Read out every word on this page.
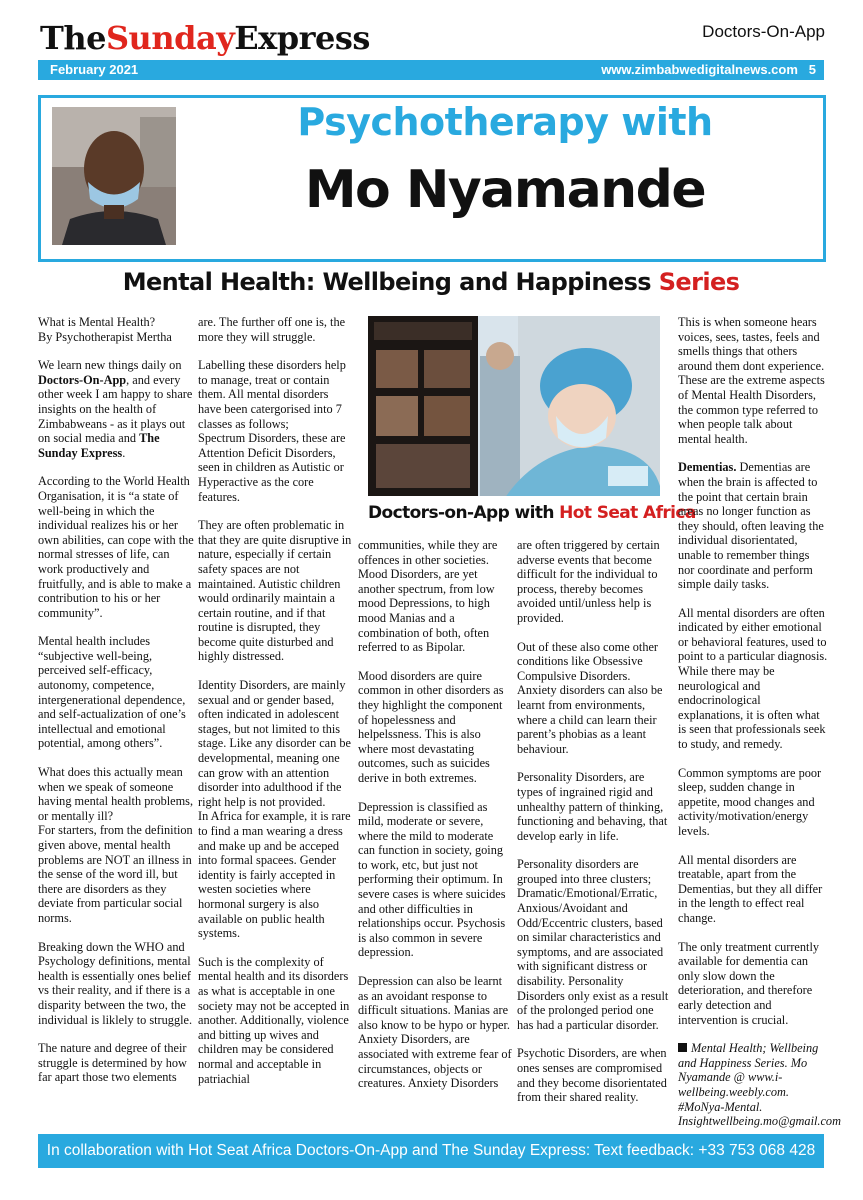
TheSundayExpress	Doctors-On-App
February 2021	www.zimbabwedigitalnews.com 5
Psychotherapy with
Mo Nyamande
Mental Health: Wellbeing and Happiness Series

What is Mental Health?
By Psychotherapist Mertha

We learn new things daily on Doctors-On-App, and every other week I am happy to share insights on the health of Zimbabweans - as it plays out on social media and The Sunday Express.

According to the World Health Organisation, it is “a state of well-being in which the individual realizes his or her own abilities, can cope with the normal stresses of life, can work productively and fruitfully, and is able to make a contribution to his or her community”.

Mental health includes “subjective well-being, perceived self-efficacy, autonomy, competence, intergenerational dependence, and self-actualization of one’s intellectual and emotional potential, among others”.

What does this actually mean when we speak of someone having mental health problems, or mentally ill?
For starters, from the definition given above, mental health problems are NOT an illness in the sense of the word ill, but there are disorders as they deviate from particular social norms.

Breaking down the WHO and Psychology definitions, mental health is essentially ones belief vs their reality, and if there is a disparity between the two, the individual is liklely to struggle.

The nature and degree of their struggle is determined by how far apart those two elements

are. The further off one is, the more they will struggle.

Labelling these disorders help to manage, treat or contain them. All mental disorders have been catergorised into 7 classes as follows;
Spectrum Disorders, these are Attention Deficit Disorders, seen in children as Autistic or Hyperactive as the core features.

They are often problematic in that they are quite disruptive in nature, especially if certain safety spaces are not maintained. Autistic children would ordinarily maintain a certain routine, and if that routine is disrupted, they become quite disturbed and highly distressed.

Identity Disorders, are mainly sexual and or gender based, often indicated in adolescent stages, but not limited to this stage. Like any disorder can be developmental, meaning one can grow with an attention disorder into adulthood if the right help is not provided.

In Africa for example, it is rare to find a man wearing a dress and make up and be acceped into formal spacees. Gender identity is fairly accepted in westen societies where hormonal surgery is also available on public health systems.

Such is the complexity of mental health and its disorders as what is acceptable in one society may not be accepted in another. Additionally, violence and bitting up wives and children may be considered normal and acceptable in patriachial

Doctors-on-App with Hot Seat Africa

communities, while they are offences in other societies. Mood Disorders, are yet another spectrum, from low mood Depressions, to high mood Manias and a combination of both, often referred to as Bipolar.

Mood disorders are quire common in other disorders as they highlight the component of hopelessness and helpelssness. This is also where most devastating outcomes, such as suicides derive in both extremes.

Depression is classified as mild, moderate or severe, where the mild to moderate can function in society, going to work, etc, but just not performing their optimum. In severe cases is where suicides and other difficulties in relationships occur. Psychosis is also common in severe depression.

Depression can also be learnt as an avoidant response to difficult situations. Manias are also know to be hypo or hyper.
Anxiety Disorders, are associated with extreme fear of circumstances, objects or creatures. Anxiety Disorders

are often triggered by certain adverse events that become difficult for the individual to process, thereby becomes avoided until/unless help is provided.

Out of these also come other conditions like Obsessive Compulsive Disorders. Anxiety disorders can also be learnt from environments, where a child can learn their parent’s phobias as a leant behaviour.

Personality Disorders, are types of ingrained rigid and unhealthy pattern of thinking, functioning and behaving, that develop early in life.

Personality disorders are grouped into three clusters; Dramatic/Emotional/Erratic, Anxious/Avoidant and Odd/Eccentric clusters, based on similar characteristics and symptoms, and are associated with significant distress or disability. Personality Disorders only exist as a result of the prolonged period one has had a particular disorder.

Psychotic Disorders, are when ones senses are compromised and they become disorientated from their shared reality.

This is when someone hears voices, sees, tastes, feels and smells things that others around them dont experience. These are the extreme aspects of Mental Health Disorders, the common type referred to when people talk about mental health.

Dementias. Dementias are when the brain is affected to the point that certain brain areas no longer function as they should, often leaving the individual disorientated, unable to remember things nor coordinate and perform simple daily tasks.

All mental disorders are often indicated by either emotional or behavioral features, used to point to a particular diagnosis. While there may be neurological and endocrinological explanations, it is often what is seen that professionals seek to study, and remedy.

Common symptoms are poor sleep, sudden change in appetite, mood changes and activity/motivation/energy levels.

All mental disorders are treatable, apart from the Dementias, but they all differ in the length to effect real change.

The only treatment currently available for dementia can only slow down the deterioration, and therefore early detection and intervention is crucial.

Mental Health; Wellbeing and Happiness Series. Mo Nyamande @ www.i-wellbeing.weebly.com. #MoNya-Mental. Insightwellbeing.mo@gmail.com

In collaboration with Hot Seat Africa Doctors-On-App and The Sunday Express: Text feedback: +33 753 068 428
